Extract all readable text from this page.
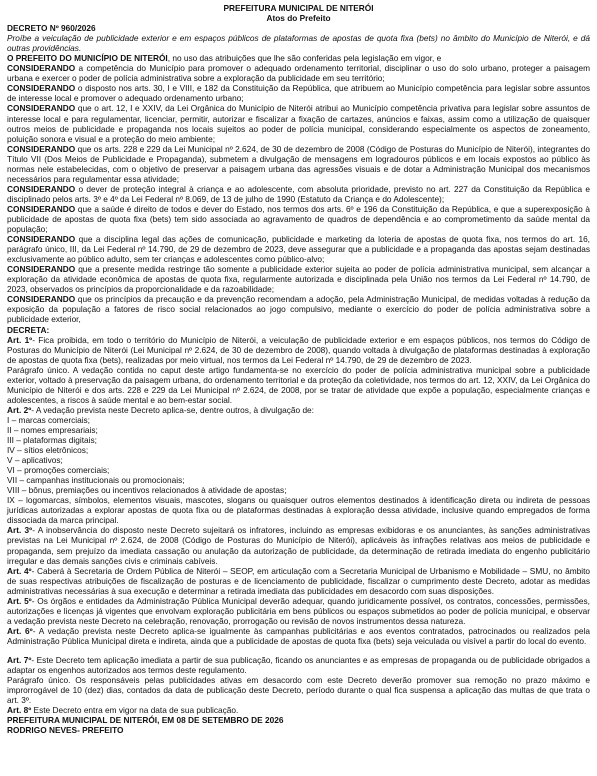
PREFEITURA MUNICIPAL DE NITERÓI
Atos do Prefeito

DECRETO Nº 960/2026

Proíbe a veiculação de publicidade exterior e em espaços públicos de plataformas de apostas de quota fixa (bets) no âmbito do Município de Niterói, e dá outras providências.

O PREFEITO DO MUNICÍPIO DE NITERÓI, no uso das atribuições que lhe são conferidas pela legislação em vigor, e

CONSIDERANDO a competência do Município para promover o adequado ordenamento territorial, disciplinar o uso do solo urbano, proteger a paisagem urbana e exercer o poder de polícia administrativa sobre a exploração da publicidade em seu território;

CONSIDERANDO o disposto nos arts. 30, I e VIII, e 182 da Constituição da República, que atribuem ao Município competência para legislar sobre assuntos de interesse local e promover o adequado ordenamento urbano;

CONSIDERANDO que o art. 12, I e XXIV, da Lei Orgânica do Município de Niterói atribui ao Município competência privativa para legislar sobre assuntos de interesse local e para regulamentar, licenciar, permitir, autorizar e fiscalizar a fixação de cartazes, anúncios e faixas, assim como a utilização de quaisquer outros meios de publicidade e propaganda nos locais sujeitos ao poder de polícia municipal, considerando especialmente os aspectos de zoneamento, poluição sonora e visual e a proteção do meio ambiente;

CONSIDERANDO que os arts. 228 e 229 da Lei Municipal nº 2.624, de 30 de dezembro de 2008 (Código de Posturas do Município de Niterói), integrantes do Título VII (Dos Meios de Publicidade e Propaganda), submetem a divulgação de mensagens em logradouros públicos e em locais expostos ao público às normas nele estabelecidas, com o objetivo de preservar a paisagem urbana das agressões visuais e de dotar a Administração Municipal dos mecanismos necessários para regulamentar essa atividade;

CONSIDERANDO o dever de proteção integral à criança e ao adolescente, com absoluta prioridade, previsto no art. 227 da Constituição da República e disciplinado pelos arts. 3º e 4º da Lei Federal nº 8.069, de 13 de julho de 1990 (Estatuto da Criança e do Adolescente);

CONSIDERANDO que a saúde é direito de todos e dever do Estado, nos termos dos arts. 6º e 196 da Constituição da República, e que a superexposição à publicidade de apostas de quota fixa (bets) tem sido associada ao agravamento de quadros de dependência e ao comprometimento da saúde mental da população;

CONSIDERANDO que a disciplina legal das ações de comunicação, publicidade e marketing da loteria de apostas de quota fixa, nos termos do art. 16, parágrafo único, III, da Lei Federal nº 14.790, de 29 de dezembro de 2023, deve assegurar que a publicidade e a propaganda das apostas sejam destinadas exclusivamente ao público adulto, sem ter crianças e adolescentes como público-alvo;

CONSIDERANDO que a presente medida restringe tão somente a publicidade exterior sujeita ao poder de polícia administrativa municipal, sem alcançar a exploração da atividade econômica de apostas de quota fixa, regularmente autorizada e disciplinada pela União nos termos da Lei Federal nº 14.790, de 2023, observados os princípios da proporcionalidade e da razoabilidade;

CONSIDERANDO que os princípios da precaução e da prevenção recomendam a adoção, pela Administração Municipal, de medidas voltadas à redução da exposição da população a fatores de risco social relacionados ao jogo compulsivo, mediante o exercício do poder de polícia administrativa sobre a publicidade exterior,

DECRETA:

Art. 1º- Fica proibida, em todo o território do Município de Niterói, a veiculação de publicidade exterior e em espaços públicos, nos termos do Código de Posturas do Município de Niterói (Lei Municipal nº 2.624, de 30 de dezembro de 2008), quando voltada à divulgação de plataformas destinadas à exploração de apostas de quota fixa (bets), realizadas por meio virtual, nos termos da Lei Federal nº 14.790, de 29 de dezembro de 2023.

Parágrafo único. A vedação contida no caput deste artigo fundamenta-se no exercício do poder de polícia administrativa municipal sobre a publicidade exterior, voltado à preservação da paisagem urbana, do ordenamento territorial e da proteção da coletividade, nos termos do art. 12, XXIV, da Lei Orgânica do Município de Niterói e dos arts. 228 e 229 da Lei Municipal nº 2.624, de 2008, por se tratar de atividade que expõe a população, especialmente crianças e adolescentes, a riscos à saúde mental e ao bem-estar social.

Art. 2º- A vedação prevista neste Decreto aplica-se, dentre outros, à divulgação de:

I – marcas comerciais;

II – nomes empresariais;

III – plataformas digitais;

IV – sítios eletrônicos;

V – aplicativos;

VI – promoções comerciais;

VII – campanhas institucionais ou promocionais;

VIII – bônus, premiações ou incentivos relacionados à atividade de apostas;

IX – logomarcas, símbolos, elementos visuais, mascotes, slogans ou quaisquer outros elementos destinados à identificação direta ou indireta de pessoas jurídicas autorizadas a explorar apostas de quota fixa ou de plataformas destinadas à exploração dessa atividade, inclusive quando empregados de forma dissociada da marca principal.

Art. 3º- A inobservância do disposto neste Decreto sujeitará os infratores, incluindo as empresas exibidoras e os anunciantes, às sanções administrativas previstas na Lei Municipal nº 2.624, de 2008 (Código de Posturas do Município de Niterói), aplicáveis às infrações relativas aos meios de publicidade e propaganda, sem prejuízo da imediata cassação ou anulação da autorização de publicidade, da determinação de retirada imediata do engenho publicitário irregular e das demais sanções civis e criminais cabíveis.

Art. 4º- Caberá à Secretaria de Ordem Pública de Niterói – SEOP, em articulação com a Secretaria Municipal de Urbanismo e Mobilidade – SMU, no âmbito de suas respectivas atribuições de fiscalização de posturas e de licenciamento de publicidade, fiscalizar o cumprimento deste Decreto, adotar as medidas administrativas necessárias à sua execução e determinar a retirada imediata das publicidades em desacordo com suas disposições.

Art. 5º- Os órgãos e entidades da Administração Pública Municipal deverão adequar, quando juridicamente possível, os contratos, concessões, permissões, autorizações e licenças já vigentes que envolvam exploração publicitária em bens públicos ou espaços submetidos ao poder de polícia municipal, e observar a vedação prevista neste Decreto na celebração, renovação, prorrogação ou revisão de novos instrumentos dessa natureza.

Art. 6º- A vedação prevista neste Decreto aplica-se igualmente às campanhas publicitárias e aos eventos contratados, patrocinados ou realizados pela Administração Pública Municipal direta e indireta, ainda que a publicidade de apostas de quota fixa (bets) seja veiculada ou visível a partir do local do evento.

Art. 7º- Este Decreto tem aplicação imediata a partir de sua publicação, ficando os anunciantes e as empresas de propaganda ou de publicidade obrigados a adaptar os engenhos autorizados aos termos deste regulamento.

Parágrafo único. Os responsáveis pelas publicidades ativas em desacordo com este Decreto deverão promover sua remoção no prazo máximo e improrrogável de 10 (dez) dias, contados da data de publicação deste Decreto, período durante o qual fica suspensa a aplicação das multas de que trata o art. 3º.

Art. 8º Este Decreto entra em vigor na data de sua publicação.

PREFEITURA MUNICIPAL DE NITERÓI, EM 08 DE SETEMBRO DE 2026

RODRIGO NEVES- PREFEITO
